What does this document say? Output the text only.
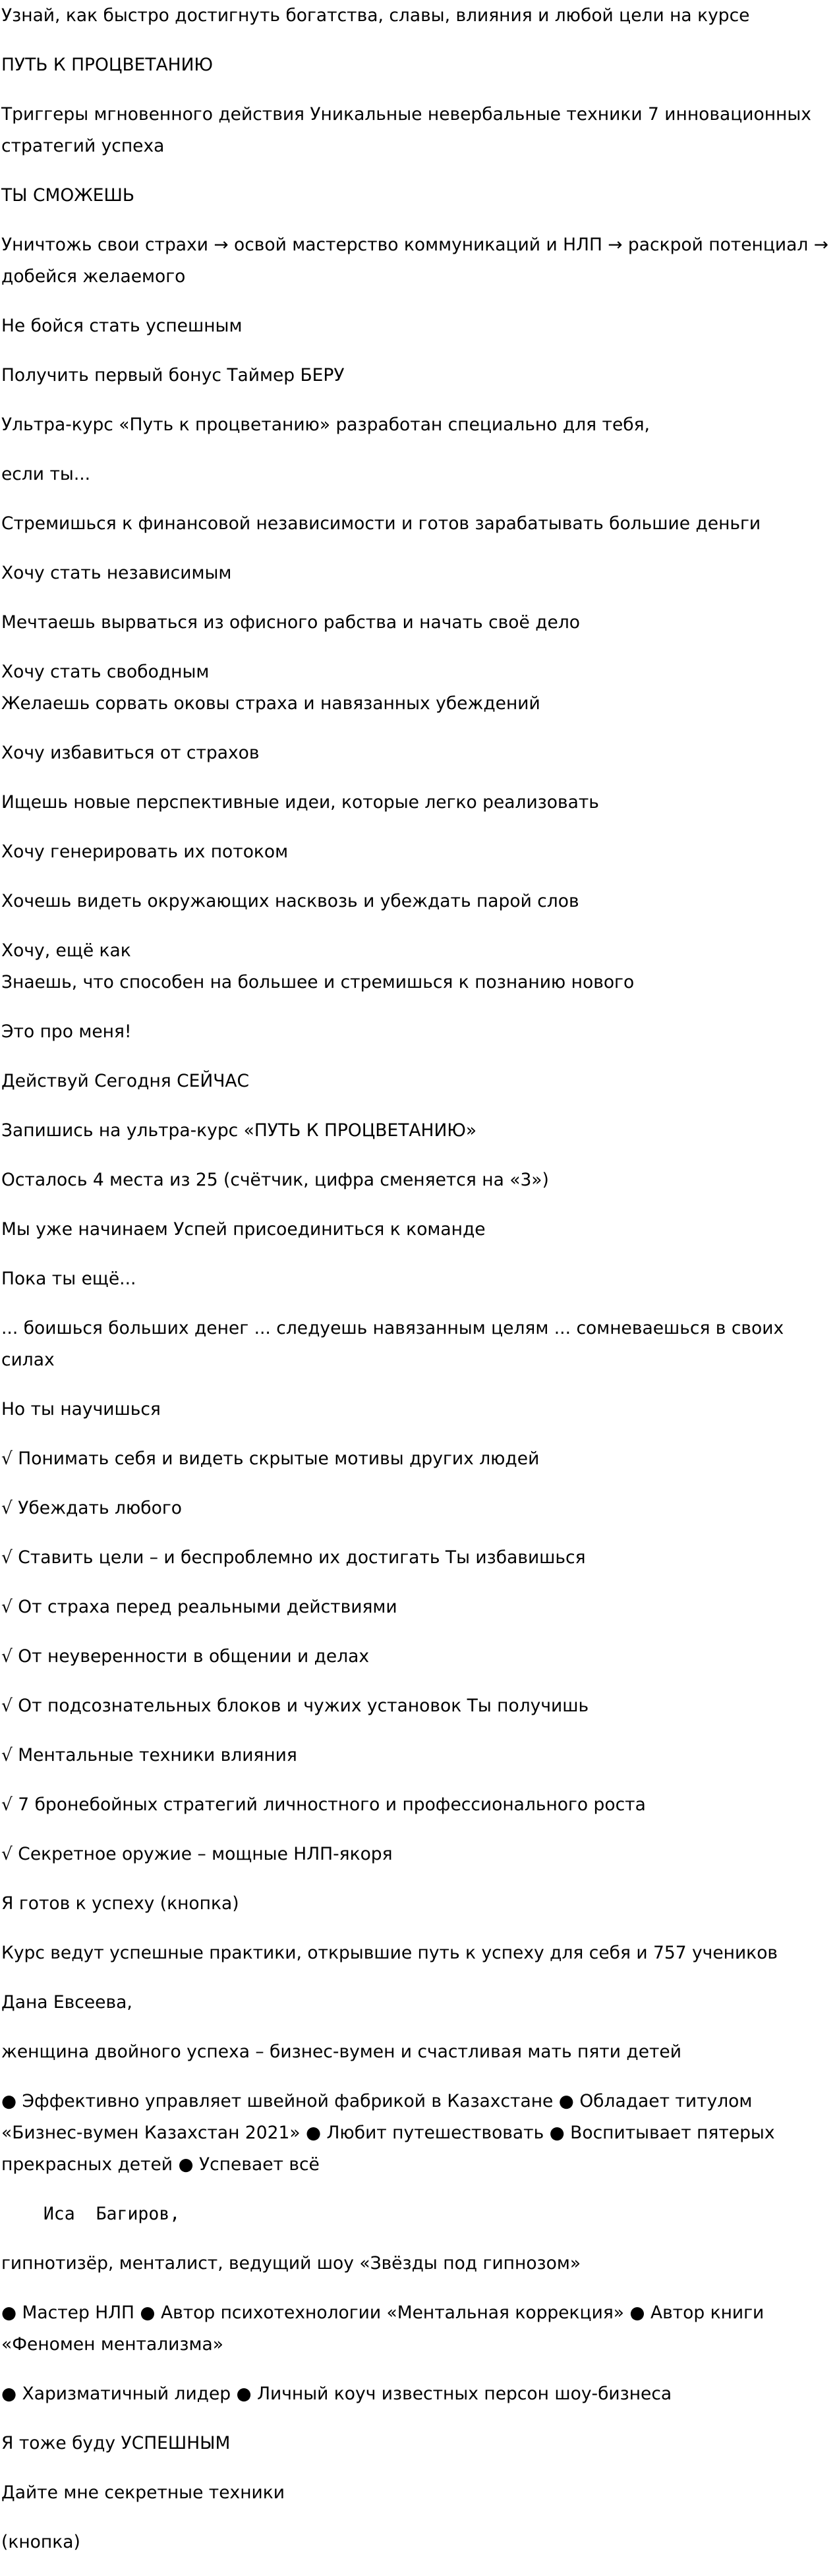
Узнай, как быстро достигнуть богатства, славы, влияния и любой цели на курсе

ПУТЬ К ПРОЦВЕТАНИЮ

Триггеры мгновенного действия Уникальные невербальные техники 7 инновационных стратегий успеха

ТЫ СМОЖЕШЬ

Уничтожь свои страхи → освой мастерство коммуникаций и НЛП → раскрой потенциал → добейся желаемого

Не бойся стать успешным

Получить первый бонус Таймер БЕРУ

Ультра-курс «Путь к процветанию» разработан специально для тебя,

если ты...

Стремишься к финансовой независимости и готов зарабатывать большие деньги

Хочу стать независимым

Мечтаешь вырваться из офисного рабства и начать своё дело

Хочу стать свободным

Желаешь сорвать оковы страха и навязанных убеждений

Хочу избавиться от страхов

Ищешь новые перспективные идеи, которые легко реализовать

Хочу генерировать их потоком

Хочешь видеть окружающих насквозь и убеждать парой слов

Хочу, ещё как

Знаешь, что способен на большее и стремишься к познанию нового

Это про меня!

Действуй Сегодня СЕЙЧАС

Запишись на ультра-курс «ПУТЬ К ПРОЦВЕТАНИЮ»

Осталось 4 места из 25 (счётчик, цифра сменяется на «3»)

Мы уже начинаем Успей присоединиться к команде

Пока ты ещё...

... боишься больших денег ... следуешь навязанным целям ... сомневаешься в своих силах

Но ты научишься

√ Понимать себя и видеть скрытые мотивы других людей

√ Убеждать любого

√ Ставить цели – и беспроблемно их достигать Ты избавишься

√ От страха перед реальными действиями

√ От неуверенности в общении и делах

√ От подсознательных блоков и чужих установок Ты получишь

√ Ментальные техники влияния

√ 7 бронебойных стратегий личностного и профессионального роста

√ Секретное оружие – мощные НЛП-якоря

Я готов к успеху (кнопка)

Курс ведут успешные практики, открывшие путь к успеху для себя и 757 учеников

Дана Евсеева,

женщина двойного успеха – бизнес-вумен и счастливая мать пяти детей

● Эффективно управляет швейной фабрикой в Казахстане ● Обладает титулом «Бизнес-вумен Казахстан 2021» ● Любит путешествовать ● Воспитывает пятерых прекрасных детей ● Успевает всё

Иса  Багиров,

гипнотизёр, менталист, ведущий шоу «Звёзды под гипнозом»

● Мастер НЛП ● Автор психотехнологии «Ментальная коррекция» ● Автор книги «Феномен ментализма»

● Харизматичный лидер ● Личный коуч известных персон шоу-бизнеса

Я тоже буду УСПЕШНЫМ

Дайте мне секретные техники

(кнопка)
